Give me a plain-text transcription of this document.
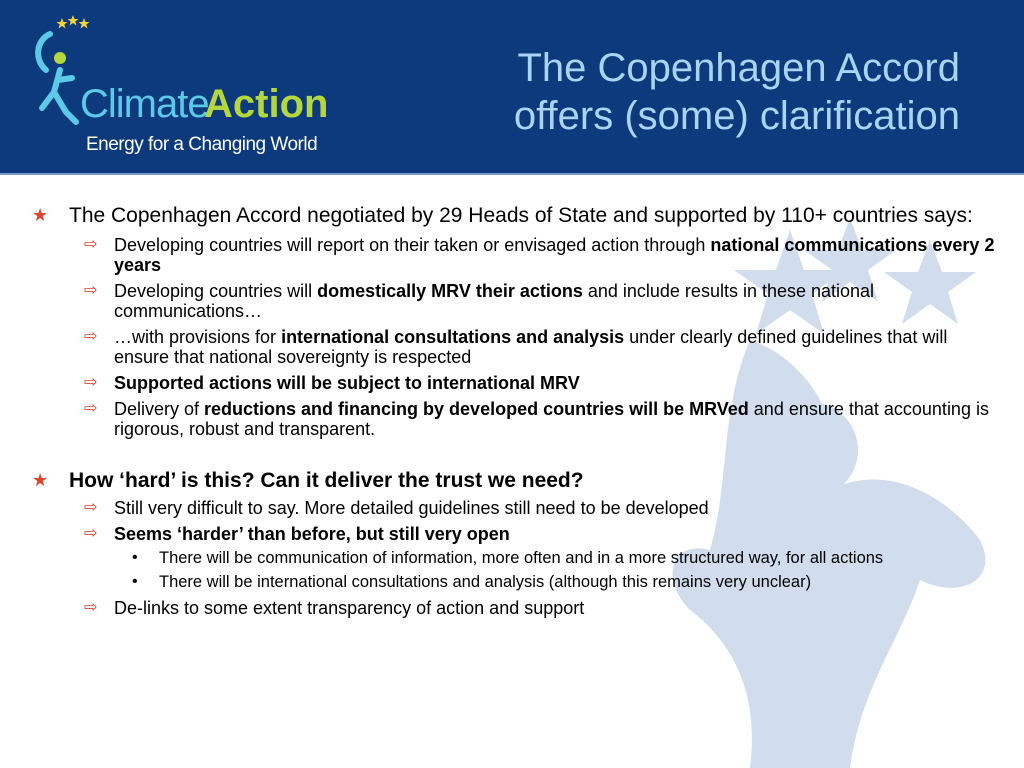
Climate
Action
Energy for a Changing World
The Copenhagen Accord
offers (some) clarification
★ The Copenhagen Accord negotiated by 29 Heads of State and supported by 110+ countries says:
⇨ Developing countries will report on their taken or envisaged action through national communications every 2 years
⇨ Developing countries will domestically MRV their actions and include results in these national communications…
⇨ …with provisions for international consultations and analysis under clearly defined guidelines that will ensure that national sovereignty is respected
⇨ Supported actions will be subject to international MRV
⇨ Delivery of reductions and financing by developed countries will be MRVed and ensure that accounting is rigorous, robust and transparent.
★ How ‘hard’ is this? Can it deliver the trust we need?
⇨ Still very difficult to say. More detailed guidelines still need to be developed
⇨ Seems ‘harder’ than before, but still very open
• There will be communication of information, more often and in a more structured way, for all actions
• There will be international consultations and analysis (although this remains very unclear)
⇨ De-links to some extent transparency of action and support
